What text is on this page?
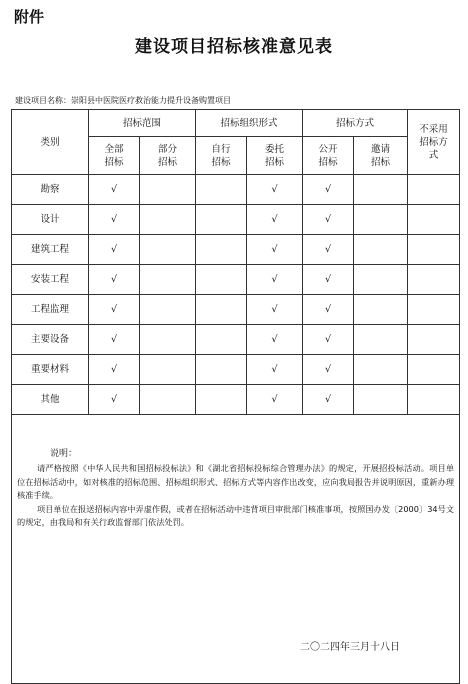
附件
建设项目招标核准意见表
建设项目名称：崇阳县中医院医疗救治能力提升设备购置项目
类别	招标范围		招标组织形式		招标方式		不采用招标方式

	全部招标	部分招标	自行招标	委托招标	公开招标	邀请招标	

勘察	√			√	√		
设计	√			√	√		
建筑工程	√			√	√		
安装工程	√			√	√		
工程监理	√			√	√		
主要设备	√			√	√		
重要材料	√			√	√		
其他	√			√	√		

说明：

请严格按照《中华人民共和国招标投标法》和《湖北省招标投标综合管理办法》的规定，开展招投标活动。项目单位在招标活动中，如对核准的招标范围、招标组织形式、招标方式等内容作出改变，应向我局报告并说明原因，重新办理核准手续。

项目单位在报送招标内容中弄虚作假，或者在招标活动中违背项目审批部门核准事项，按照国办发〔2000〕34号文的规定，由我局和有关行政监督部门依法处罚。

二〇二四年三月十八日							
